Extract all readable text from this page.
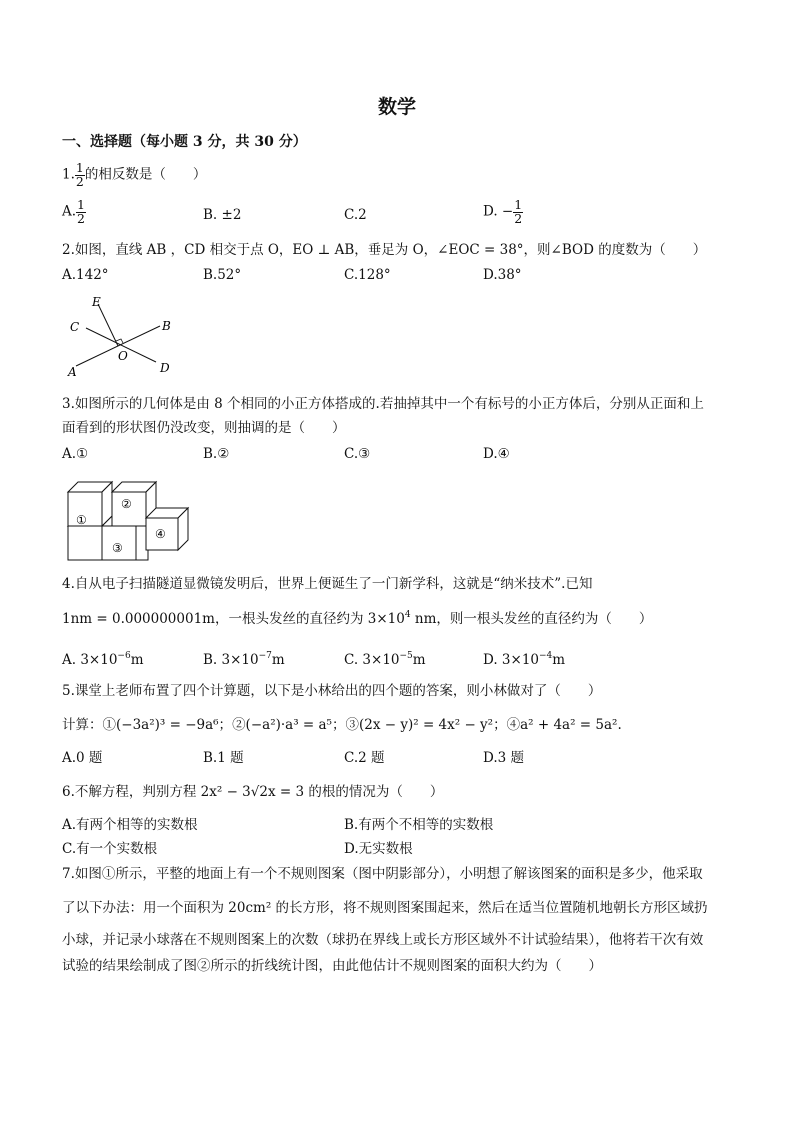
数学
一、选择题（每小题 3 分，共 30 分）
1. $\frac{1}{2}$ 的相反数是（　　）
A. $\frac{1}{2}$	B. ±2	C.2	D. − $\frac{1}{2}$
2.如图，直线 AB ，CD 相交于点 O，EO ⊥ AB，垂足为 O，∠EOC = 38°，则∠BOD 的度数为（　　）
A.142°	B.52°	C.128°	D.38°
E
C	B
O
A	D
3.如图所示的几何体是由 8 个相同的小正方体搭成的.若抽掉其中一个有标号的小正方体后，分别从正面和上
面看到的形状图仍没改变，则抽调的是（　　）
A.①	B.②	C.③	D.④
①
②
③
④
4.自从电子扫描隧道显微镜发明后，世界上便诞生了一门新学科，这就是“纳米技术”.已知
1nm = 0.000000001m，一根头发丝的直径约为 $3\times 10^4$ nm，则一根头发丝的直径约为（　　）
A. $3\times 10^{-6}m$	B. $3\times 10^{-7}m$	C. $3\times 10^{-5}m$	D. $3\times 10^{-4}m$
5.课堂上老师布置了四个计算题，以下是小林给出的四个题的答案，则小林做对了（　　）
计算：①(−3a²)³ = −9a⁶；②(−a²)·a³ = a⁵；③(2x − y)² = 4x² − y²；④a² + 4a² = 5a².
A.0 题	B.1 题	C.2 题	D.3 题
6.不解方程，判别方程 2x² − 3√2x = 3 的根的情况为（　　）
A.有两个相等的实数根	B.有两个不相等的实数根
C.有一个实数根	D.无实数根
7.如图①所示，平整的地面上有一个不规则图案（图中阴影部分），小明想了解该图案的面积是多少，他采取
了以下办法：用一个面积为 20cm² 的长方形，将不规则图案围起来，然后在适当位置随机地朝长方形区域扔
小球，并记录小球落在不规则图案上的次数（球扔在界线上或长方形区域外不计试验结果），他将若干次有效
试验的结果绘制成了图②所示的折线统计图，由此他估计不规则图案的面积大约为（　　）
